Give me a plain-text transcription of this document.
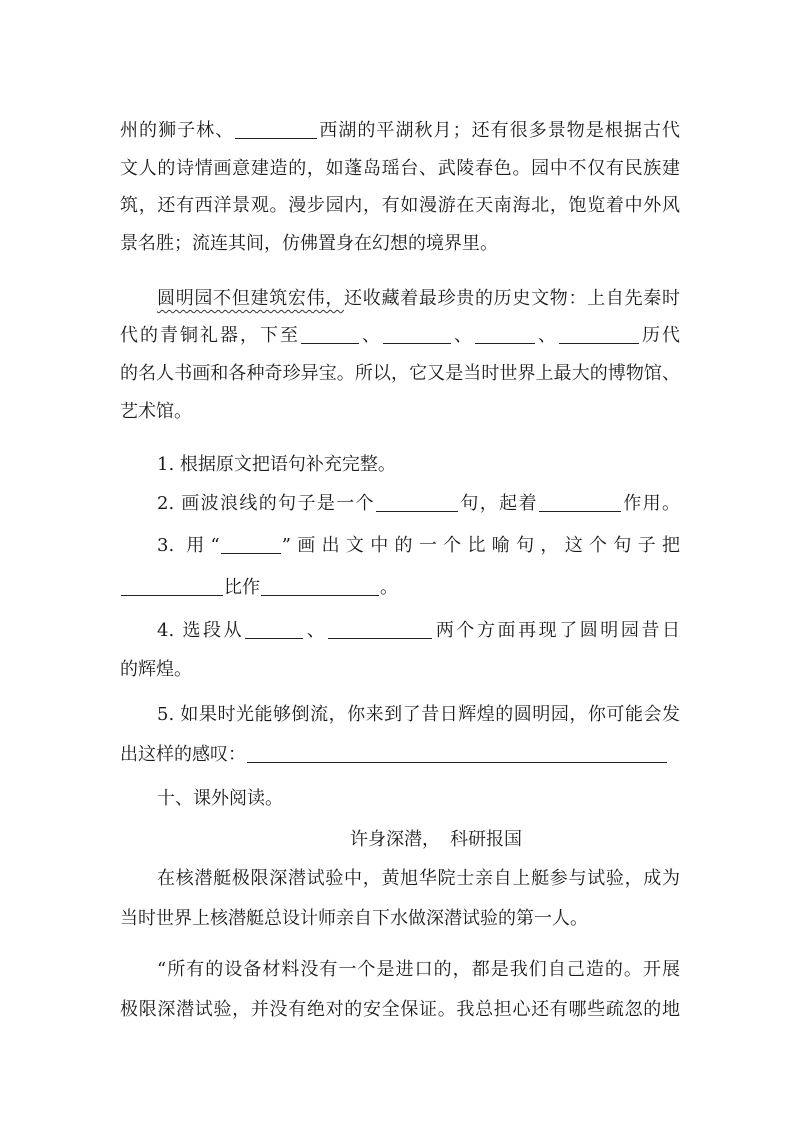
州的狮子林、	西湖的平湖秋月；还有很多景物是根据古代
文人的诗情画意建造的，如蓬岛瑶台、武陵春色。园中不仅有民族建
筑，还有西洋景观。漫步园内，有如漫游在天南海北，饱览着中外风
景名胜；流连其间，仿佛置身在幻想的境界里。
圆明园不但建筑宏伟，还收藏着最珍贵的历史文物：上自先秦时
代的青铜礼器，下至	、	、	、	历代
的名人书画和各种奇珍异宝。所以，它又是当时世界上最大的博物馆、
艺术馆。
1. 根据原文把语句补充完整。
2. 画波浪线的句子是一个	句，起着	作用。
3. 用“	”画出文中的一个比喻句，这个句子把
比作	。
4. 选段从	、	两个方面再现了圆明园昔日
的辉煌。
5. 如果时光能够倒流，你来到了昔日辉煌的圆明园，你可能会发
出这样的感叹：
十、课外阅读。
许身深潜， 科研报国
在核潜艇极限深潜试验中，黄旭华院士亲自上艇参与试验，成为
当时世界上核潜艇总设计师亲自下水做深潜试验的第一人。
“所有的设备材料没有一个是进口的，都是我们自己造的。开展
极限深潜试验，并没有绝对的安全保证。我总担心还有哪些疏忽的地
